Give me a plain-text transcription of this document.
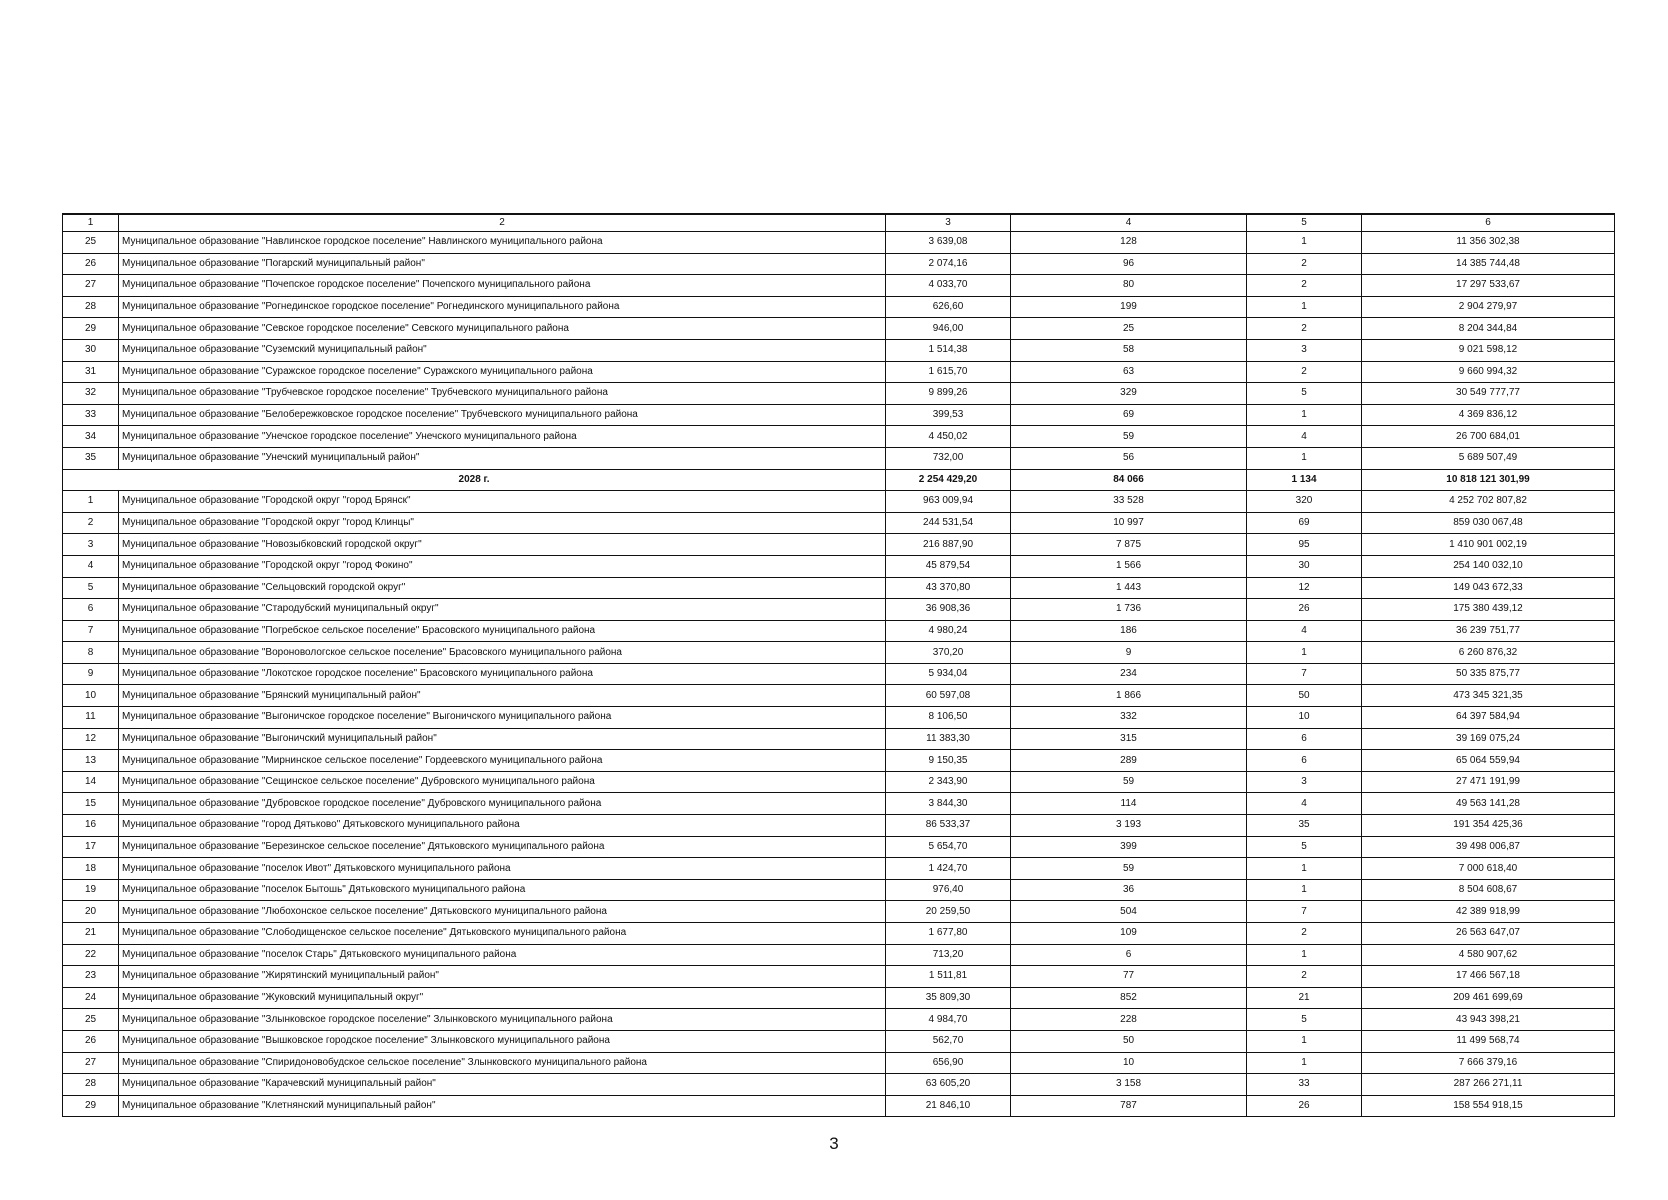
1	2	3	4	5	6
25	Муниципальное образование "Навлинское городское поселение" Навлинского муниципального района	3 639,08	128	1	11 356 302,38
26	Муниципальное образование "Погарский муниципальный район"	2 074,16	96	2	14 385 744,48
27	Муниципальное образование "Почепское городское поселение" Почепского муниципального района	4 033,70	80	2	17 297 533,67
28	Муниципальное образование "Рогнединское городское поселение" Рогнединского муниципального района	626,60	199	1	2 904 279,97
29	Муниципальное образование "Севское городское поселение" Севского муниципального района	946,00	25	2	8 204 344,84
30	Муниципальное образование "Суземский муниципальный район"	1 514,38	58	3	9 021 598,12
31	Муниципальное образование "Суражское городское поселение" Суражского муниципального района	1 615,70	63	2	9 660 994,32
32	Муниципальное образование "Трубчевское городское поселение" Трубчевского муниципального района	9 899,26	329	5	30 549 777,77
33	Муниципальное образование "Белобережковское городское поселение" Трубчевского муниципального района	399,53	69	1	4 369 836,12
34	Муниципальное образование "Унечское городское поселение" Унечского муниципального района	4 450,02	59	4	26 700 684,01
35	Муниципальное образование "Унечский муниципальный район"	732,00	56	1	5 689 507,49
2028 г.		2 254 429,20	84 066	1 134	10 818 121 301,99
1	Муниципальное образование "Городской округ "город Брянск"	963 009,94	33 528	320	4 252 702 807,82
2	Муниципальное образование "Городской округ "город Клинцы"	244 531,54	10 997	69	859 030 067,48
3	Муниципальное образование "Новозыбковский городской округ"	216 887,90	7 875	95	1 410 901 002,19
4	Муниципальное образование "Городской округ "город Фокино"	45 879,54	1 566	30	254 140 032,10
5	Муниципальное образование "Сельцовский городской округ"	43 370,80	1 443	12	149 043 672,33
6	Муниципальное образование "Стародубский муниципальный округ"	36 908,36	1 736	26	175 380 439,12
7	Муниципальное образование "Погребское сельское поселение" Брасовского муниципального района	4 980,24	186	4	36 239 751,77
8	Муниципальное образование "Вороновологское сельское поселение" Брасовского муниципального района	370,20	9	1	6 260 876,32
9	Муниципальное образование "Локотское городское поселение" Брасовского муниципального района	5 934,04	234	7	50 335 875,77
10	Муниципальное образование "Брянский муниципальный район"	60 597,08	1 866	50	473 345 321,35
11	Муниципальное образование "Выгоничское городское поселение" Выгоничского муниципального района	8 106,50	332	10	64 397 584,94
12	Муниципальное образование "Выгоничский муниципальный район"	11 383,30	315	6	39 169 075,24
13	Муниципальное образование "Мирнинское сельское поселение" Гордеевского муниципального района	9 150,35	289	6	65 064 559,94
14	Муниципальное образование "Сещинское сельское поселение" Дубровского муниципального района	2 343,90	59	3	27 471 191,99
15	Муниципальное образование "Дубровское городское поселение" Дубровского муниципального района	3 844,30	114	4	49 563 141,28
16	Муниципальное образование "город Дятьково" Дятьковского муниципального района	86 533,37	3 193	35	191 354 425,36
17	Муниципальное образование "Березинское сельское поселение" Дятьковского муниципального района	5 654,70	399	5	39 498 006,87
18	Муниципальное образование "поселок Ивот" Дятьковского муниципального района	1 424,70	59	1	7 000 618,40
19	Муниципальное образование "поселок Бытошь" Дятьковского муниципального района	976,40	36	1	8 504 608,67
20	Муниципальное образование "Любохонское сельское поселение" Дятьковского муниципального района	20 259,50	504	7	42 389 918,99
21	Муниципальное образование "Слободищенское сельское поселение" Дятьковского муниципального района	1 677,80	109	2	26 563 647,07
22	Муниципальное образование "поселок Старь" Дятьковского муниципального района	713,20	6	1	4 580 907,62
23	Муниципальное образование "Жирятинский муниципальный район"	1 511,81	77	2	17 466 567,18
24	Муниципальное образование "Жуковский муниципальный округ"	35 809,30	852	21	209 461 699,69
25	Муниципальное образование "Злынковское городское поселение" Злынковского муниципального района	4 984,70	228	5	43 943 398,21
26	Муниципальное образование "Вышковское городское поселение" Злынковского муниципального района	562,70	50	1	11 499 568,74
27	Муниципальное образование "Спиридоновобудское сельское поселение" Злынковского муниципального района	656,90	10	1	7 666 379,16
28	Муниципальное образование "Карачевский муниципальный район"	63 605,20	3 158	33	287 266 271,11
29	Муниципальное образование "Клетнянский муниципальный район"	21 846,10	787	26	158 554 918,15
3
